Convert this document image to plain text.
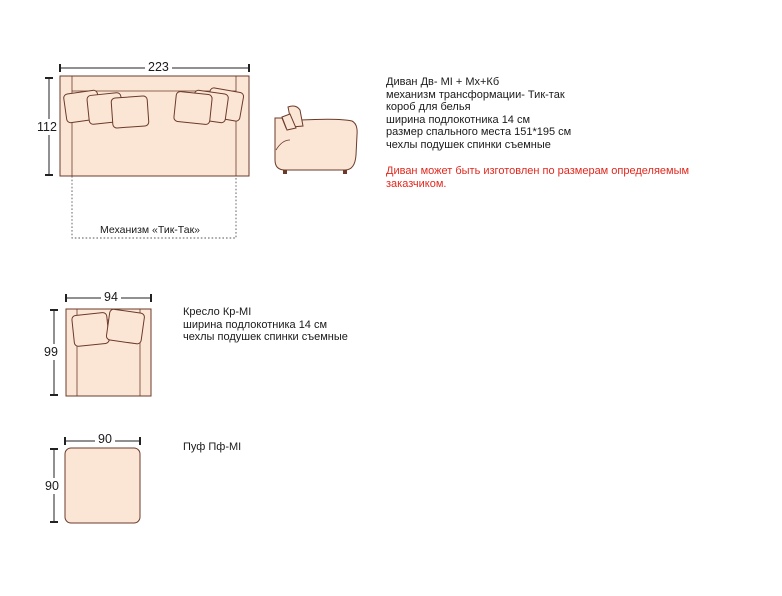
223
112
Механизм «Тик-Так»
94
99
90
90
Диван Дв- MI + Мх+Кб
механизм трансформации- Тик-так
короб для белья
ширина подлокотника 14 см
размер спального места 151*195 см
чехлы подушек спинки съемные
Диван может быть изготовлен по размерам определяемым заказчиком.
Кресло Кр-MI
ширина подлокотника 14 см
чехлы подушек спинки съемные
Пуф Пф-MI
